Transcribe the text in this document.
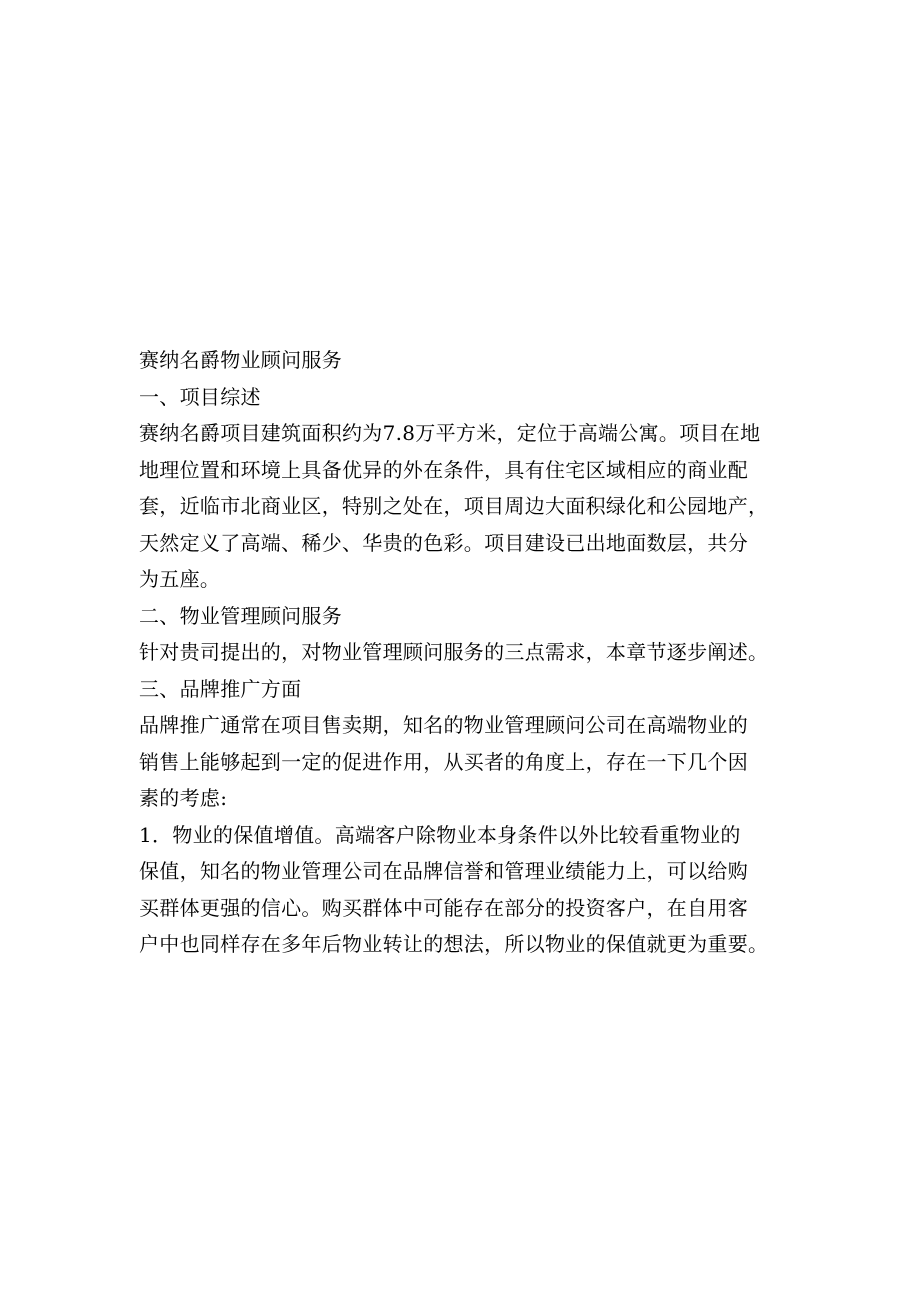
赛纳名爵物业顾问服务

一、项目综述

赛纳名爵项目建筑面积约为7.8万平方米，定位于高端公寓。项目在地

地理位置和环境上具备优异的外在条件，具有住宅区域相应的商业配

套，近临市北商业区，特别之处在，项目周边大面积绿化和公园地产，

天然定义了高端、稀少、华贵的色彩。项目建设已出地面数层，共分

为五座。

二、物业管理顾问服务

针对贵司提出的，对物业管理顾问服务的三点需求，本章节逐步阐述。

三、品牌推广方面

品牌推广通常在项目售卖期，知名的物业管理顾问公司在高端物业的

销售上能够起到一定的促进作用，从买者的角度上，存在一下几个因

素的考虑:

1．物业的保值增值。高端客户除物业本身条件以外比较看重物业的

保值，知名的物业管理公司在品牌信誉和管理业绩能力上，可以给购

买群体更强的信心。购买群体中可能存在部分的投资客户，在自用客

户中也同样存在多年后物业转让的想法，所以物业的保值就更为重要。
